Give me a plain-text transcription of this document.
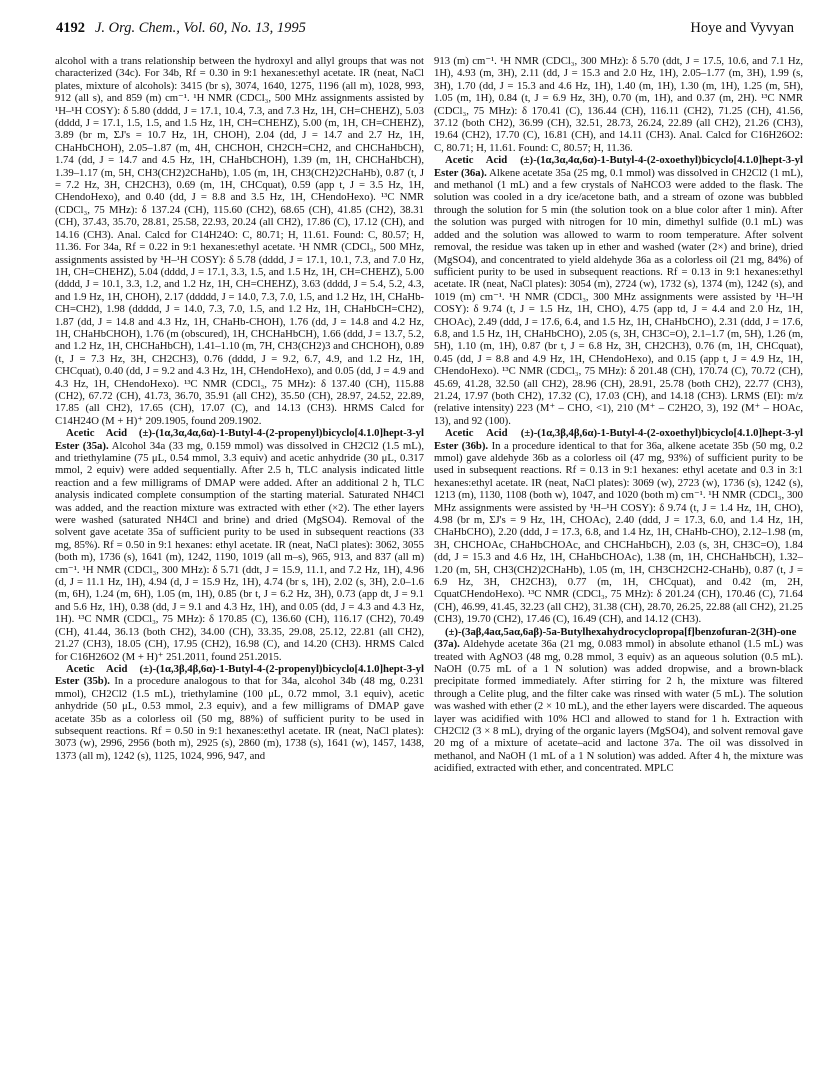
4192 J. Org. Chem., Vol. 60, No. 13, 1995	Hoye and Vyvyan

alcohol with a trans relationship between the hydroxyl and allyl groups that was not characterized (34c). For 34b, Rf = 0.30 in 9:1 hexanes:ethyl acetate. IR (neat, NaCl plates, mixture of alcohols): 3415 (br s), 3074, 1640, 1275, 1196 (all m), 1028, 993, 912 (all s), and 859 (m) cm⁻¹. ¹H NMR (CDCl₃, 500 MHz assignments assisted by ¹H–¹H COSY): δ 5.80 (dddd, J = 17.1, 10.4, 7.3, and 7.3 Hz, 1H, CH=CHEHZ), 5.03 (dddd, J = 17.1, 1.5, 1.5, and 1.5 Hz, 1H, CH=CHEHZ), 5.00 (m, 1H, CH=CHEHZ), 3.89 (br m, ΣJ's = 10.7 Hz, 1H, CHOH), 2.04 (dd, J = 14.7 and 2.7 Hz, 1H, CHaHbCHOH), 2.05–1.87 (m, 4H, CHCHOH, CH2CH=CH2, and CHCHaHbCH), 1.74 (dd, J = 14.7 and 4.5 Hz, 1H, CHaHbCHOH), 1.39 (m, 1H, CHCHaHbCH), 1.39–1.17 (m, 5H, CH3(CH2)2CHaHb), 1.05 (m, 1H, CH3(CH2)2CHaHb), 0.87 (t, J = 7.2 Hz, 3H, CH2CH3), 0.69 (m, 1H, CHCquat), 0.59 (app t, J = 3.5 Hz, 1H, CHendoHexo), and 0.40 (dd, J = 8.8 and 3.5 Hz, 1H, CHendoHexo). ¹³C NMR (CDCl₃, 75 MHz): δ 137.24 (CH), 115.60 (CH2), 68.65 (CH), 41.85 (CH2), 38.31 (CH), 37.43, 35.70, 28.81, 25.58, 22.93, 20.24 (all CH2), 17.86 (C), 17.12 (CH), and 14.16 (CH3). Anal. Calcd for C14H24O: C, 80.71; H, 11.61. Found: C, 80.57; H, 11.36. For 34a, Rf = 0.22 in 9:1 hexanes:ethyl acetate. ¹H NMR (CDCl₃, 500 MHz, assignments assisted by ¹H–¹H COSY): δ 5.78 (dddd, J = 17.1, 10.1, 7.3, and 7.0 Hz, 1H, CH=CHEHZ), 5.04 (dddd, J = 17.1, 3.3, 1.5, and 1.5 Hz, 1H, CH=CHEHZ), 5.00 (dddd, J = 10.1, 3.3, 1.2, and 1.2 Hz, 1H, CH=CHEHZ), 3.63 (dddd, J = 5.4, 5.2, 4.3, and 1.9 Hz, 1H, CHOH), 2.17 (ddddd, J = 14.0, 7.3, 7.0, 1.5, and 1.2 Hz, 1H, CHaHb-CH=CH2), 1.98 (ddddd, J = 14.0, 7.3, 7.0, 1.5, and 1.2 Hz, 1H, CHaHbCH=CH2), 1.87 (dd, J = 14.8 and 4.3 Hz, 1H, CHaHb-CHOH), 1.76 (dd, J = 14.8 and 4.2 Hz, 1H, CHaHbCHOH), 1.76 (m (obscured), 1H, CHCHaHbCH), 1.66 (ddd, J = 13.7, 5.2, and 1.2 Hz, 1H, CHCHaHbCH), 1.41–1.10 (m, 7H, CH3(CH2)3 and CHCHOH), 0.89 (t, J = 7.3 Hz, 3H, CH2CH3), 0.76 (dddd, J = 9.2, 6.7, 4.9, and 1.2 Hz, 1H, CHCquat), 0.40 (dd, J = 9.2 and 4.3 Hz, 1H, CHendoHexo), and 0.05 (dd, J = 4.9 and 4.3 Hz, 1H, CHendoHexo). ¹³C NMR (CDCl₃, 75 MHz): δ 137.40 (CH), 115.88 (CH2), 67.72 (CH), 41.73, 36.70, 35.91 (all CH2), 35.50 (CH), 28.97, 24.52, 22.89, 17.85 (all CH2), 17.65 (CH), 17.07 (C), and 14.13 (CH3). HRMS Calcd for C14H24O (M + H)⁺ 209.1905, found 209.1902.

Acetic Acid (±)-(1α,3α,4α,6α)-1-Butyl-4-(2-propenyl)bicyclo[4.1.0]hept-3-yl Ester (35a). Alcohol 34a (33 mg, 0.159 mmol) was dissolved in CH2Cl2 (1.5 mL), and triethylamine (75 μL, 0.54 mmol, 3.3 equiv) and acetic anhydride (30 μL, 0.317 mmol, 2 equiv) were added sequentially. After 2.5 h, TLC analysis indicated little reaction and a few milligrams of DMAP were added. After an additional 2 h, TLC analysis indicated complete consumption of the starting material. Saturated NH4Cl was added, and the reaction mixture was extracted with ether (×2). The ether layers were washed (saturated NH4Cl and brine) and dried (MgSO4). Removal of the solvent gave acetate 35a of sufficient purity to be used in subsequent reactions (33 mg, 85%). Rf = 0.50 in 9:1 hexanes: ethyl acetate. IR (neat, NaCl plates): 3062, 3055 (both m), 1736 (s), 1641 (m), 1242, 1190, 1019 (all m–s), 965, 913, and 837 (all m) cm⁻¹. ¹H NMR (CDCl₃, 300 MHz): δ 5.71 (ddt, J = 15.9, 11.1, and 7.2 Hz, 1H), 4.96 (d, J = 11.1 Hz, 1H), 4.94 (d, J = 15.9 Hz, 1H), 4.74 (br s, 1H), 2.02 (s, 3H), 2.0–1.6 (m, 6H), 1.24 (m, 6H), 1.05 (m, 1H), 0.85 (br t, J = 6.2 Hz, 3H), 0.73 (app dt, J = 9.1 and 5.6 Hz, 1H), 0.38 (dd, J = 9.1 and 4.3 Hz, 1H), and 0.05 (dd, J = 4.3 and 4.3 Hz, 1H). ¹³C NMR (CDCl₃, 75 MHz): δ 170.85 (C), 136.60 (CH), 116.17 (CH2), 70.49 (CH), 41.44, 36.13 (both CH2), 34.00 (CH), 33.35, 29.08, 25.12, 22.81 (all CH2), 21.27 (CH3), 18.05 (CH), 17.95 (CH2), 16.98 (C), and 14.20 (CH3). HRMS Calcd for C16H26O2 (M + H)⁺ 251.2011, found 251.2015.

Acetic Acid (±)-(1α,3β,4β,6α)-1-Butyl-4-(2-propenyl)bicyclo[4.1.0]hept-3-yl Ester (35b). In a procedure analogous to that for 34a, alcohol 34b (48 mg, 0.231 mmol), CH2Cl2 (1.5 mL), triethylamine (100 μL, 0.72 mmol, 3.1 equiv), acetic anhydride (50 μL, 0.53 mmol, 2.3 equiv), and a few milligrams of DMAP gave acetate 35b as a colorless oil (50 mg, 88%) of sufficient purity to be used in subsequent reactions. Rf = 0.50 in 9:1 hexanes:ethyl acetate. IR (neat, NaCl plates): 3073 (w), 2996, 2956 (both m), 2925 (s), 2860 (m), 1738 (s), 1641 (w), 1457, 1438, 1373 (all m), 1242 (s), 1125, 1024, 996, 947, and

913 (m) cm⁻¹. ¹H NMR (CDCl₃, 300 MHz): δ 5.70 (ddt, J = 17.5, 10.6, and 7.1 Hz, 1H), 4.93 (m, 3H), 2.11 (dd, J = 15.3 and 2.0 Hz, 1H), 2.05–1.77 (m, 3H), 1.99 (s, 3H), 1.70 (dd, J = 15.3 and 4.6 Hz, 1H), 1.40 (m, 1H), 1.30 (m, 1H), 1.25 (m, 5H), 1.05 (m, 1H), 0.84 (t, J = 6.9 Hz, 3H), 0.70 (m, 1H), and 0.37 (m, 2H). ¹³C NMR (CDCl₃, 75 MHz): δ 170.41 (C), 136.44 (CH), 116.11 (CH2), 71.25 (CH), 41.56, 37.12 (both CH2), 36.99 (CH), 32.51, 28.73, 26.24, 22.89 (all CH2), 21.26 (CH3), 19.64 (CH2), 17.70 (C), 16.81 (CH), and 14.11 (CH3). Anal. Calcd for C16H26O2: C, 80.71; H, 11.61. Found: C, 80.57; H, 11.36.

Acetic Acid (±)-(1α,3α,4α,6α)-1-Butyl-4-(2-oxoethyl)bicyclo[4.1.0]hept-3-yl Ester (36a). Alkene acetate 35a (25 mg, 0.1 mmol) was dissolved in CH2Cl2 (1 mL), and methanol (1 mL) and a few crystals of NaHCO3 were added to the flask. The solution was cooled in a dry ice/acetone bath, and a stream of ozone was bubbled through the solution for 5 min (the solution took on a blue color after 1 min). After the solution was purged with nitrogen for 10 min, dimethyl sulfide (0.1 mL) was added and the solution was allowed to warm to room temperature. After solvent removal, the residue was taken up in ether and washed (water (2×) and brine), dried (MgSO4), and concentrated to yield aldehyde 36a as a colorless oil (21 mg, 84%) of sufficient purity to be used in subsequent reactions. Rf = 0.13 in 9:1 hexanes:ethyl acetate. IR (neat, NaCl plates): 3054 (m), 2724 (w), 1732 (s), 1374 (m), 1242 (s), and 1019 (m) cm⁻¹. ¹H NMR (CDCl₃, 300 MHz assignments were assisted by ¹H–¹H COSY): δ 9.74 (t, J = 1.5 Hz, 1H, CHO), 4.75 (app td, J = 4.4 and 2.0 Hz, 1H, CHOAc), 2.49 (ddd, J = 17.6, 6.4, and 1.5 Hz, 1H, CHaHbCHO), 2.31 (ddd, J = 17.6, 6.8, and 1.5 Hz, 1H, CHaHbCHO), 2.05 (s, 3H, CH3C=O), 2.1–1.7 (m, 5H), 1.26 (m, 5H), 1.10 (m, 1H), 0.87 (br t, J = 6.8 Hz, 3H, CH2CH3), 0.76 (m, 1H, CHCquat), 0.45 (dd, J = 8.8 and 4.9 Hz, 1H, CHendoHexo), and 0.15 (app t, J = 4.9 Hz, 1H, CHendoHexo). ¹³C NMR (CDCl₃, 75 MHz): δ 201.48 (CH), 170.74 (C), 70.72 (CH), 45.69, 41.28, 32.50 (all CH2), 28.96 (CH), 28.91, 25.78 (both CH2), 22.77 (CH3), 21.24, 17.97 (both CH2), 17.32 (C), 17.03 (CH), and 14.18 (CH3). LRMS (EI): m/z (relative intensity) 223 (M⁺ – CHO, <1), 210 (M⁺ – C2H2O, 3), 192 (M⁺ – HOAc, 13), and 92 (100).

Acetic Acid (±)-(1α,3β,4β,6α)-1-Butyl-4-(2-oxoethyl)bicyclo[4.1.0]hept-3-yl Ester (36b). In a procedure identical to that for 36a, alkene acetate 35b (50 mg, 0.2 mmol) gave aldehyde 36b as a colorless oil (47 mg, 93%) of sufficient purity to be used in subsequent reactions. Rf = 0.13 in 9:1 hexanes: ethyl acetate and 0.3 in 3:1 hexanes:ethyl acetate. IR (neat, NaCl plates): 3069 (w), 2723 (w), 1736 (s), 1242 (s), 1213 (m), 1130, 1108 (both w), 1047, and 1020 (both m) cm⁻¹. ¹H NMR (CDCl₃, 300 MHz assignments were assisted by ¹H–¹H COSY): δ 9.74 (t, J = 1.4 Hz, 1H, CHO), 4.98 (br m, ΣJ's = 9 Hz, 1H, CHOAc), 2.40 (ddd, J = 17.3, 6.0, and 1.4 Hz, 1H, CHaHbCHO), 2.20 (ddd, J = 17.3, 6.8, and 1.4 Hz, 1H, CHaHb-CHO), 2.12–1.98 (m, 3H, CHCHOAc, CHaHbCHOAc, and CHCHaHbCH), 2.03 (s, 3H, CH3C=O), 1.84 (dd, J = 15.3 and 4.6 Hz, 1H, CHaHbCHOAc), 1.38 (m, 1H, CHCHaHbCH), 1.32–1.20 (m, 5H, CH3(CH2)2CHaHb), 1.05 (m, 1H, CH3CH2CH2-CHaHb), 0.87 (t, J = 6.9 Hz, 3H, CH2CH3), 0.77 (m, 1H, CHCquat), and 0.42 (m, 2H, CquatCHendoHexo). ¹³C NMR (CDCl₃, 75 MHz): δ 201.24 (CH), 170.46 (C), 71.64 (CH), 46.99, 41.45, 32.23 (all CH2), 31.38 (CH), 28.70, 26.25, 22.88 (all CH2), 21.25 (CH3), 19.70 (CH2), 17.46 (C), 16.49 (CH), and 14.12 (CH3).

(±)-(3aβ,4aα,5aα,6aβ)-5a-Butylhexahydrocyclopropa[f]benzofuran-2(3H)-one (37a). Aldehyde acetate 36a (21 mg, 0.083 mmol) in absolute ethanol (1.5 mL) was treated with AgNO3 (48 mg, 0.28 mmol, 3 equiv) as an aqueous solution (0.5 mL). NaOH (0.75 mL of a 1 N solution) was added dropwise, and a brown-black precipitate formed immediately. After stirring for 2 h, the mixture was filtered through a Celite plug, and the filter cake was rinsed with water (5 mL). The solution was washed with ether (2 × 10 mL), and the ether layers were discarded. The aqueous layer was acidified with 10% HCl and allowed to stand for 1 h. Extraction with CH2Cl2 (3 × 8 mL), drying of the organic layers (MgSO4), and solvent removal gave 20 mg of a mixture of acetate–acid and lactone 37a. The oil was dissolved in methanol, and NaOH (1 mL of a 1 N solution) was added. After 4 h, the mixture was acidified, extracted with ether, and concentrated. MPLC
